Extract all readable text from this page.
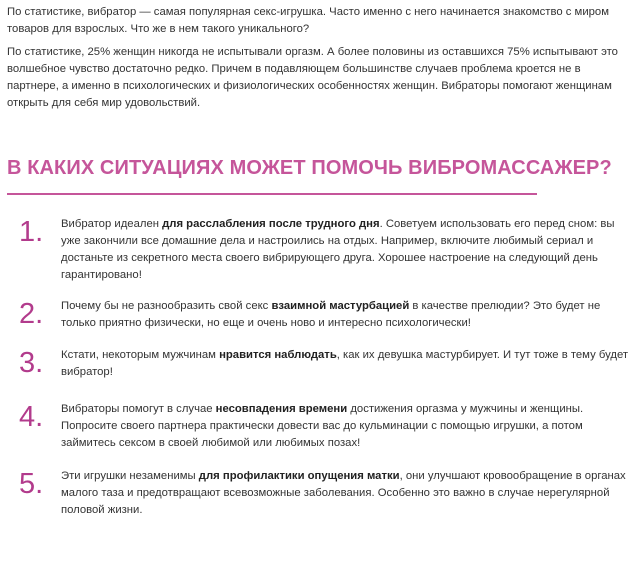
По статистике, вибратор — самая популярная секс-игрушка. Часто именно с него начинается знакомство с миром товаров для взрослых. Что же в нем такого уникального?

По статистике, 25% женщин никогда не испытывали оргазм. А более половины из оставшихся 75% испытывают это волшебное чувство достаточно редко. Причем в подавляющем большинстве случаев проблема кроется не в партнере, а именно в психологических и физиологических особенностях женщин. Вибраторы помогают женщинам открыть для себя мир удовольствий.

В КАКИХ СИТУАЦИЯХ МОЖЕТ ПОМОЧЬ ВИБРОМАССАЖЕР?
1. Вибратор идеален для расслабления после трудного дня. Советуем использовать его перед сном: вы уже закончили все домашние дела и настроились на отдых. Например, включите любимый сериал и достаньте из секретного места своего вибрирующего друга. Хорошее настроение на следующий день гарантировано!
2. Почему бы не разнообразить свой секс взаимной мастурбацией в качестве прелюдии? Это будет не только приятно физически, но еще и очень ново и интересно психологически!
3. Кстати, некоторым мужчинам нравится наблюдать, как их девушка мастурбирует. И тут тоже в тему будет вибратор!
4. Вибраторы помогут в случае несовпадения времени достижения оргазма у мужчины и женщины. Попросите своего партнера практически довести вас до кульминации с помощью игрушки, а потом займитесь сексом в своей любимой или любимых позах!
5. Эти игрушки незаменимы для профилактики опущения матки, они улучшают кровообращение в органах малого таза и предотвращают всевозможные заболевания. Особенно это важно в случае нерегулярной половой жизни.
